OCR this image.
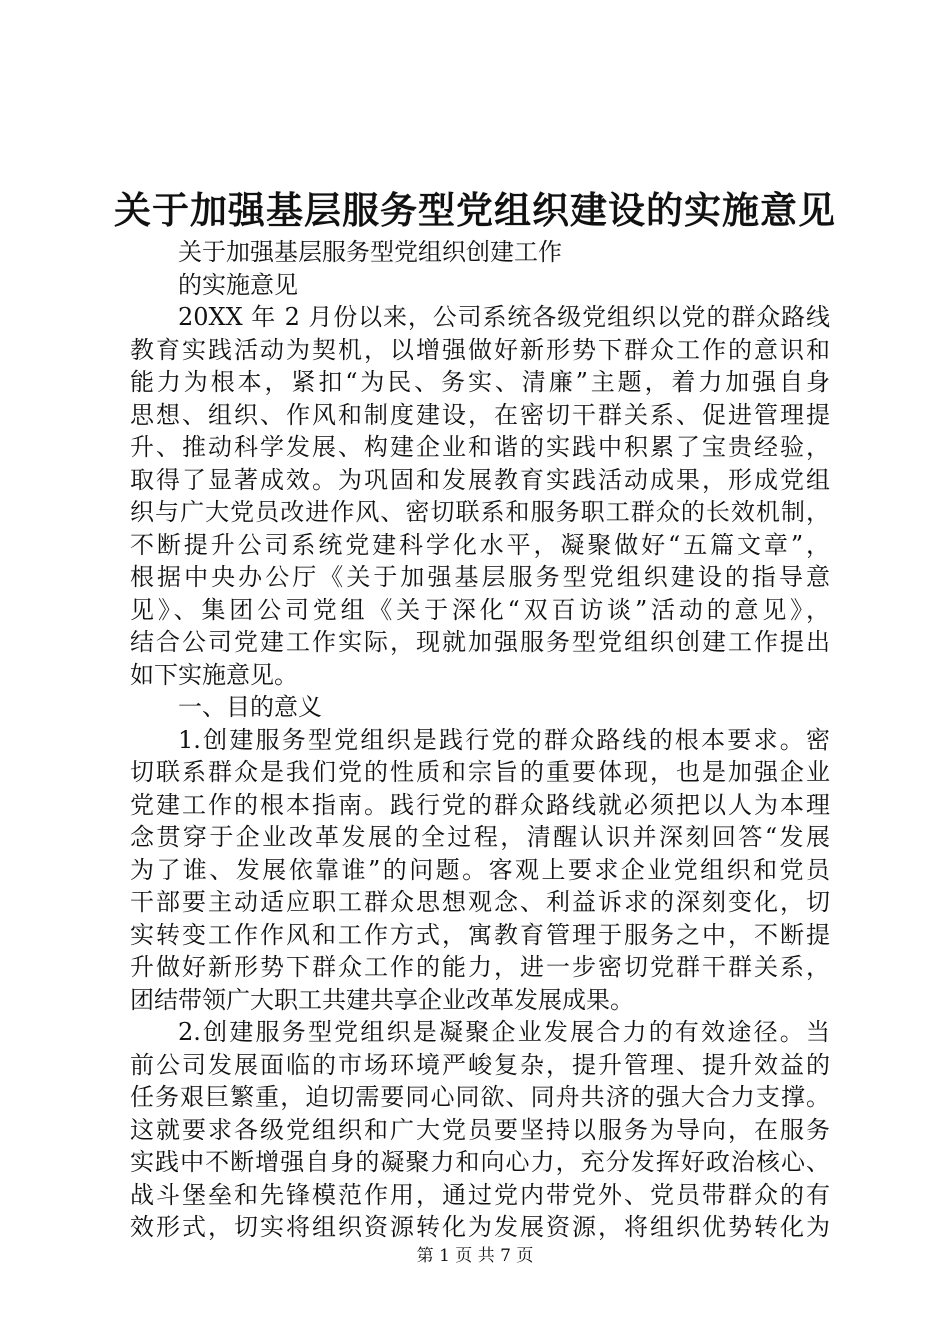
关于加强基层服务型党组织建设的实施意见
关于加强基层服务型党组织创建工作
的实施意见
20XX 年 2 月份以来，公司系统各级党组织以党的群众路线
教育实践活动为契机，以增强做好新形势下群众工作的意识和
能力为根本，紧扣“为民、务实、清廉”主题，着力加强自身
思想、组织、作风和制度建设，在密切干群关系、促进管理提
升、推动科学发展、构建企业和谐的实践中积累了宝贵经验，
取得了显著成效。为巩固和发展教育实践活动成果，形成党组
织与广大党员改进作风、密切联系和服务职工群众的长效机制，
不断提升公司系统党建科学化水平，凝聚做好“五篇文章”，
根据中央办公厅《关于加强基层服务型党组织建设的指导意
见》、集团公司党组《关于深化“双百访谈”活动的意见》，
结合公司党建工作实际，现就加强服务型党组织创建工作提出
如下实施意见。
一、目的意义
1.创建服务型党组织是践行党的群众路线的根本要求。密
切联系群众是我们党的性质和宗旨的重要体现，也是加强企业
党建工作的根本指南。践行党的群众路线就必须把以人为本理
念贯穿于企业改革发展的全过程，清醒认识并深刻回答“发展
为了谁、发展依靠谁”的问题。客观上要求企业党组织和党员
干部要主动适应职工群众思想观念、利益诉求的深刻变化，切
实转变工作作风和工作方式，寓教育管理于服务之中，不断提
升做好新形势下群众工作的能力，进一步密切党群干群关系，
团结带领广大职工共建共享企业改革发展成果。
2.创建服务型党组织是凝聚企业发展合力的有效途径。当
前公司发展面临的市场环境严峻复杂，提升管理、提升效益的
任务艰巨繁重，迫切需要同心同欲、同舟共济的强大合力支撑。
这就要求各级党组织和广大党员要坚持以服务为导向，在服务
实践中不断增强自身的凝聚力和向心力，充分发挥好政治核心、
战斗堡垒和先锋模范作用，通过党内带党外、党员带群众的有
效形式，切实将组织资源转化为发展资源，将组织优势转化为
第 1 页 共 7 页
